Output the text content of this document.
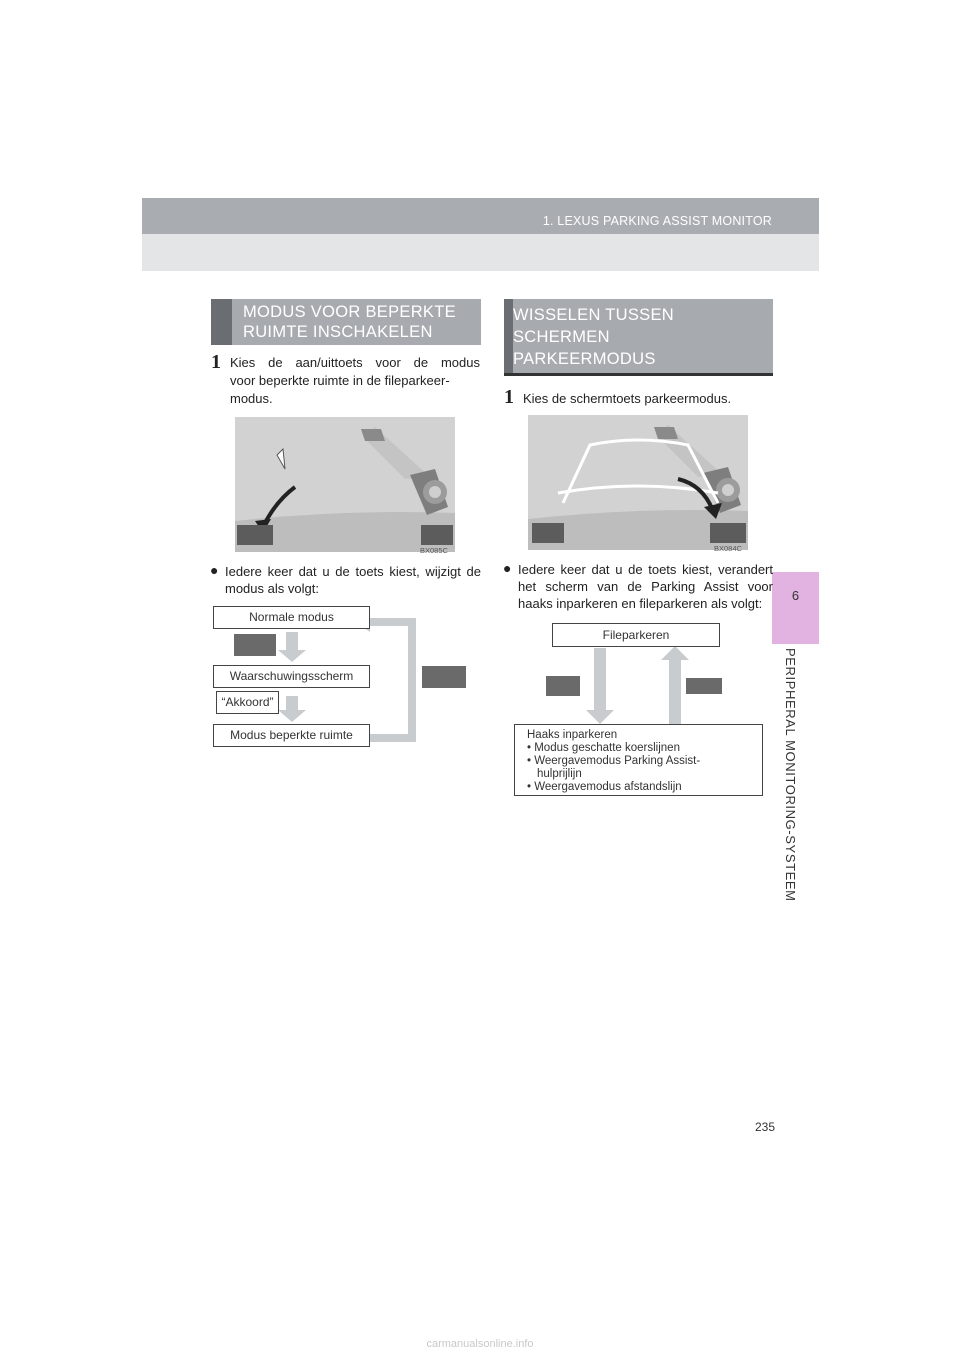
1. LEXUS PARKING ASSIST MONITOR
6
PERIPHERAL MONITORING-SYSTEEM
MODUS VOOR BEPERKTE
RUIMTE INSCHAKELEN
1 Kies de aan/uittoets voor de modus
voor beperkte ruimte in de fileparkeer-
modus.
BX085C
● Iedere keer dat u de toets kiest, wijzigt de
modus als volgt:
Normale modus
Waarschuwingsscherm
“Akkoord”
Modus beperkte ruimte
WISSELEN TUSSEN
SCHERMEN
PARKEERMODUS
1 Kies de schermtoets parkeermodus.
BX084C
● Iedere keer dat u de toets kiest, verandert
het scherm van de Parking Assist voor
haaks inparkeren en fileparkeren als volgt:
Fileparkeren
Haaks inparkeren
• Modus geschatte koerslijnen
• Weergavemodus Parking Assist-
hulprijlijn
• Weergavemodus afstandslijn
235
carmanualsonline.info
